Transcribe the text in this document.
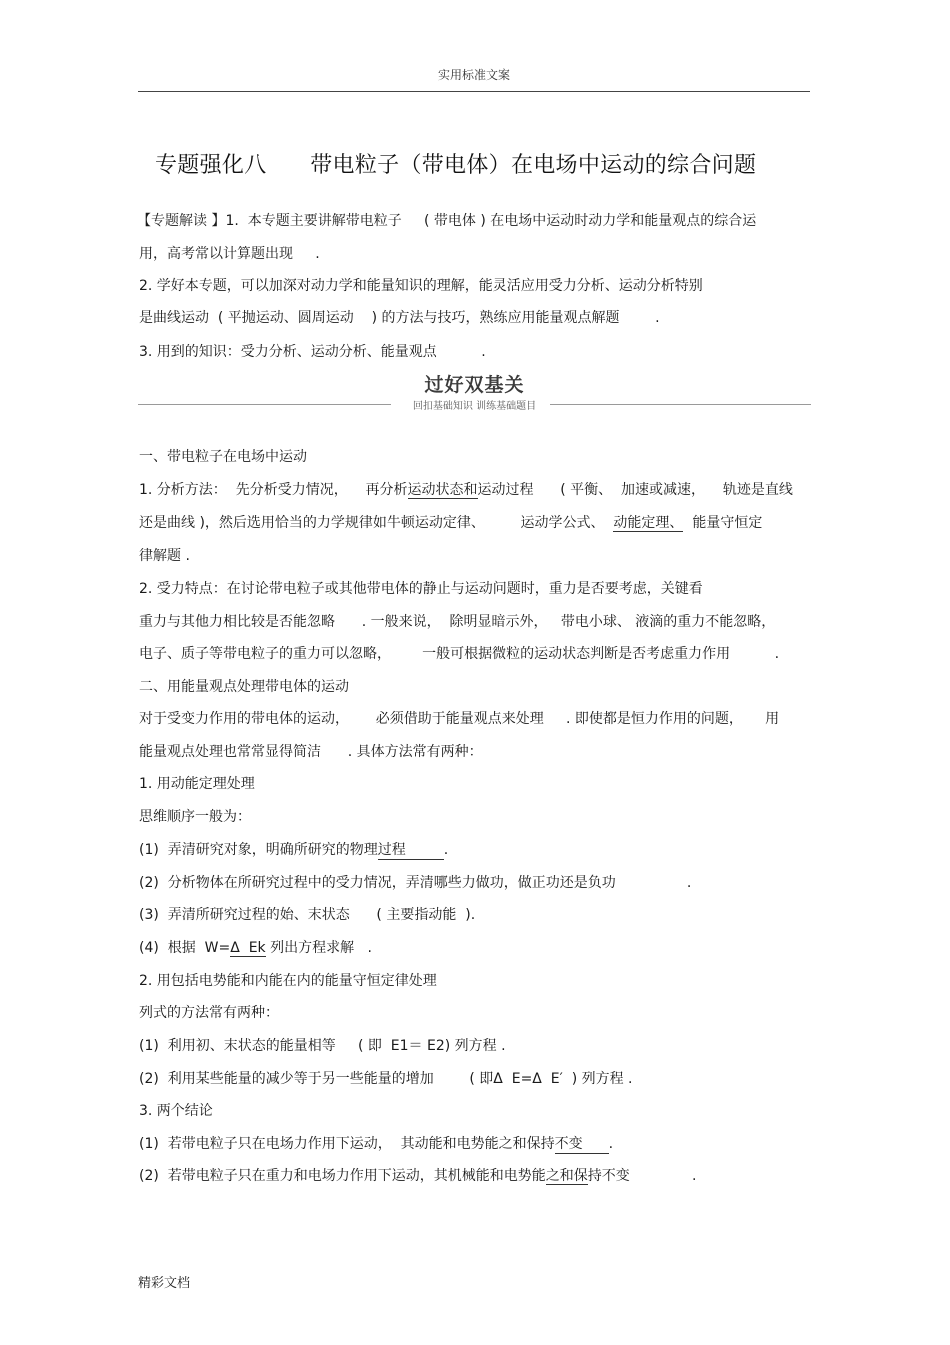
实用标准文案
专题强化八      带电粒子（带电体）在电场中运动的综合问题
【专题解读 】1.  本专题主要讲解带电粒子     ( 带电体 ) 在电场中运动时动力学和能量观点的综合运
用，高考常以计算题出现     .
2. 学好本专题，可以加深对动力学和能量知识的理解，能灵活应用受力分析、运动分析特别
是曲线运动  ( 平抛运动、圆周运动    ) 的方法与技巧，熟练应用能量观点解题        .
3. 用到的知识：受力分析、运动分析、能量观点          .
过好双基关
回扣基础知识 训练基础题目
一、带电粒子在电场中运动
1. 分析方法：  先分析受力情况，    再分析运动状态和运动过程      ( 平衡、  加速或减速，    轨迹是直线
还是曲线 )，然后选用恰当的力学规律如牛顿运动定律、        运动学公式、  动能定理、  能量守恒定
律解题 .
2. 受力特点：在讨论带电粒子或其他带电体的静止与运动问题时，重力是否要考虑，关键看
重力与其他力相比较是否能忽略      . 一般来说，  除明显暗示外，   带电小球、 液滴的重力不能忽略，
电子、质子等带电粒子的重力可以忽略，       一般可根据微粒的运动状态判断是否考虑重力作用          .
二、用能量观点处理带电体的运动
对于受变力作用的带电体的运动，      必须借助于能量观点来处理     . 即使都是恒力作用的问题，     用
能量观点处理也常常显得简洁      . 具体方法常有两种：
1. 用动能定理处理
思维顺序一般为：
(1)  弄清研究对象，明确所研究的物理过程	.
(2)  分析物体在所研究过程中的受力情况，弄清哪些力做功，做正功还是负功                .
(3)  弄清所研究过程的始、末状态      ( 主要指动能  ).
(4)  根据  W=Δ  Ek 列出方程求解   .
2. 用包括电势能和内能在内的能量守恒定律处理
列式的方法常有两种：
(1)  利用初、末状态的能量相等     ( 即  E1＝ E2) 列方程 .
(2)  利用某些能量的减少等于另一些能量的增加        ( 即Δ  E=Δ  E′  ) 列方程 .
3. 两个结论
(1)  若带电粒子只在电场力作用下运动，  其动能和电势能之和保持不变 .
(2)  若带电粒子只在重力和电场力作用下运动，其机械能和电势能之和保持不变              .
精彩文档
